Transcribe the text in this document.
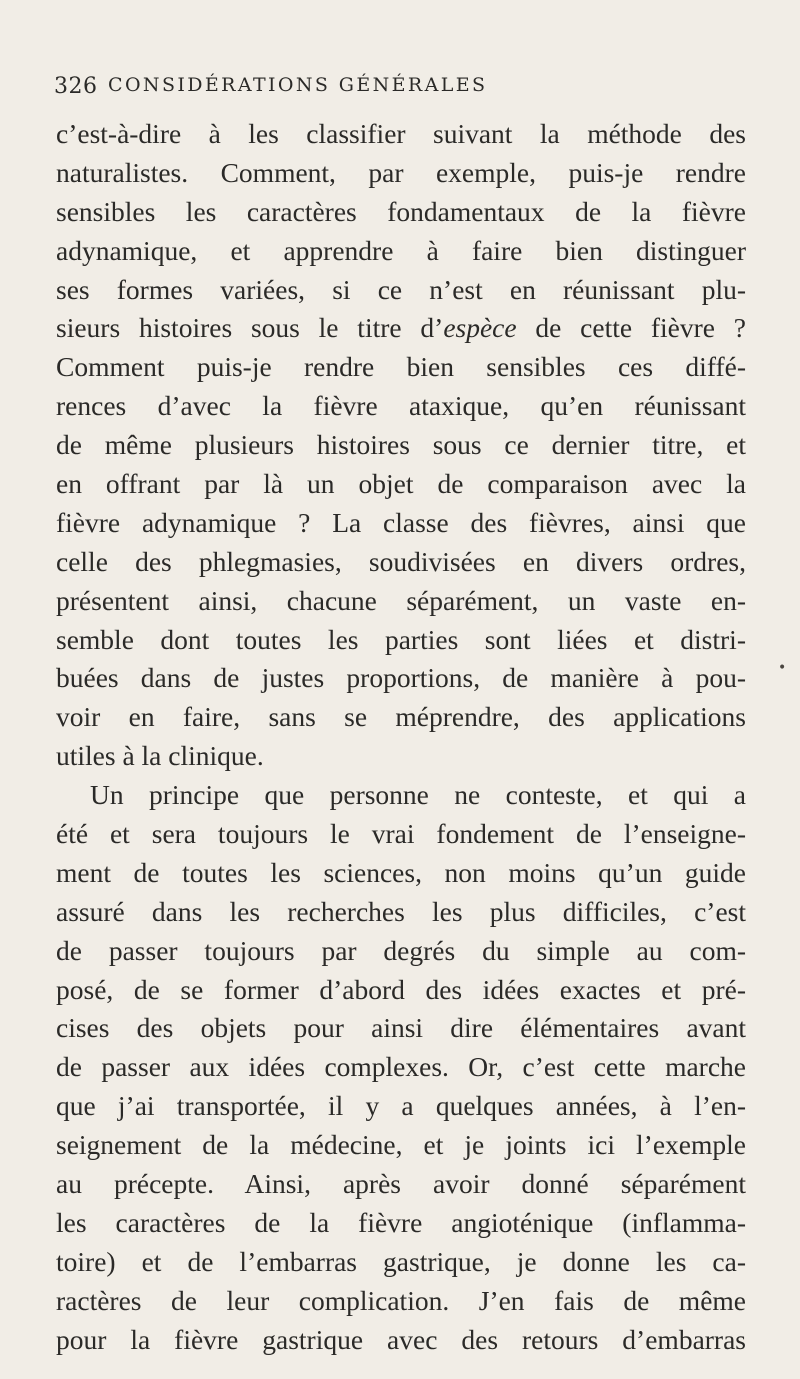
326 CONSIDÉRATIONS GÉNÉRALES
c’est-à-dire à les classifier suivant la méthode des
naturalistes. Comment, par exemple, puis-je rendre
sensibles les caractères fondamentaux de la fièvre
adynamique, et apprendre à faire bien distinguer
ses formes variées, si ce n’est en réunissant plu-
sieurs histoires sous le titre d’espèce de cette fièvre ?
Comment puis-je rendre bien sensibles ces diffé-
rences d’avec la fièvre ataxique, qu’en réunissant
de même plusieurs histoires sous ce dernier titre, et
en offrant par là un objet de comparaison avec la
fièvre adynamique ? La classe des fièvres, ainsi que
celle des phlegmasies, soudivisées en divers ordres,
présentent ainsi, chacune séparément, un vaste en-
semble dont toutes les parties sont liées et distri-
buées dans de justes proportions, de manière à pou-
voir en faire, sans se méprendre, des applications
utiles à la clinique.
Un principe que personne ne conteste, et qui a
été et sera toujours le vrai fondement de l’enseigne-
ment de toutes les sciences, non moins qu’un guide
assuré dans les recherches les plus difficiles, c’est
de passer toujours par degrés du simple au com-
posé, de se former d’abord des idées exactes et pré-
cises des objets pour ainsi dire élémentaires avant
de passer aux idées complexes. Or, c’est cette marche
que j’ai transportée, il y a quelques années, à l’en-
seignement de la médecine, et je joints ici l’exemple
au précepte. Ainsi, après avoir donné séparément
les caractères de la fièvre angioténique (inflamma-
toire) et de l’embarras gastrique, je donne les ca-
ractères de leur complication. J’en fais de même
pour la fièvre gastrique avec des retours d’embarras
•
